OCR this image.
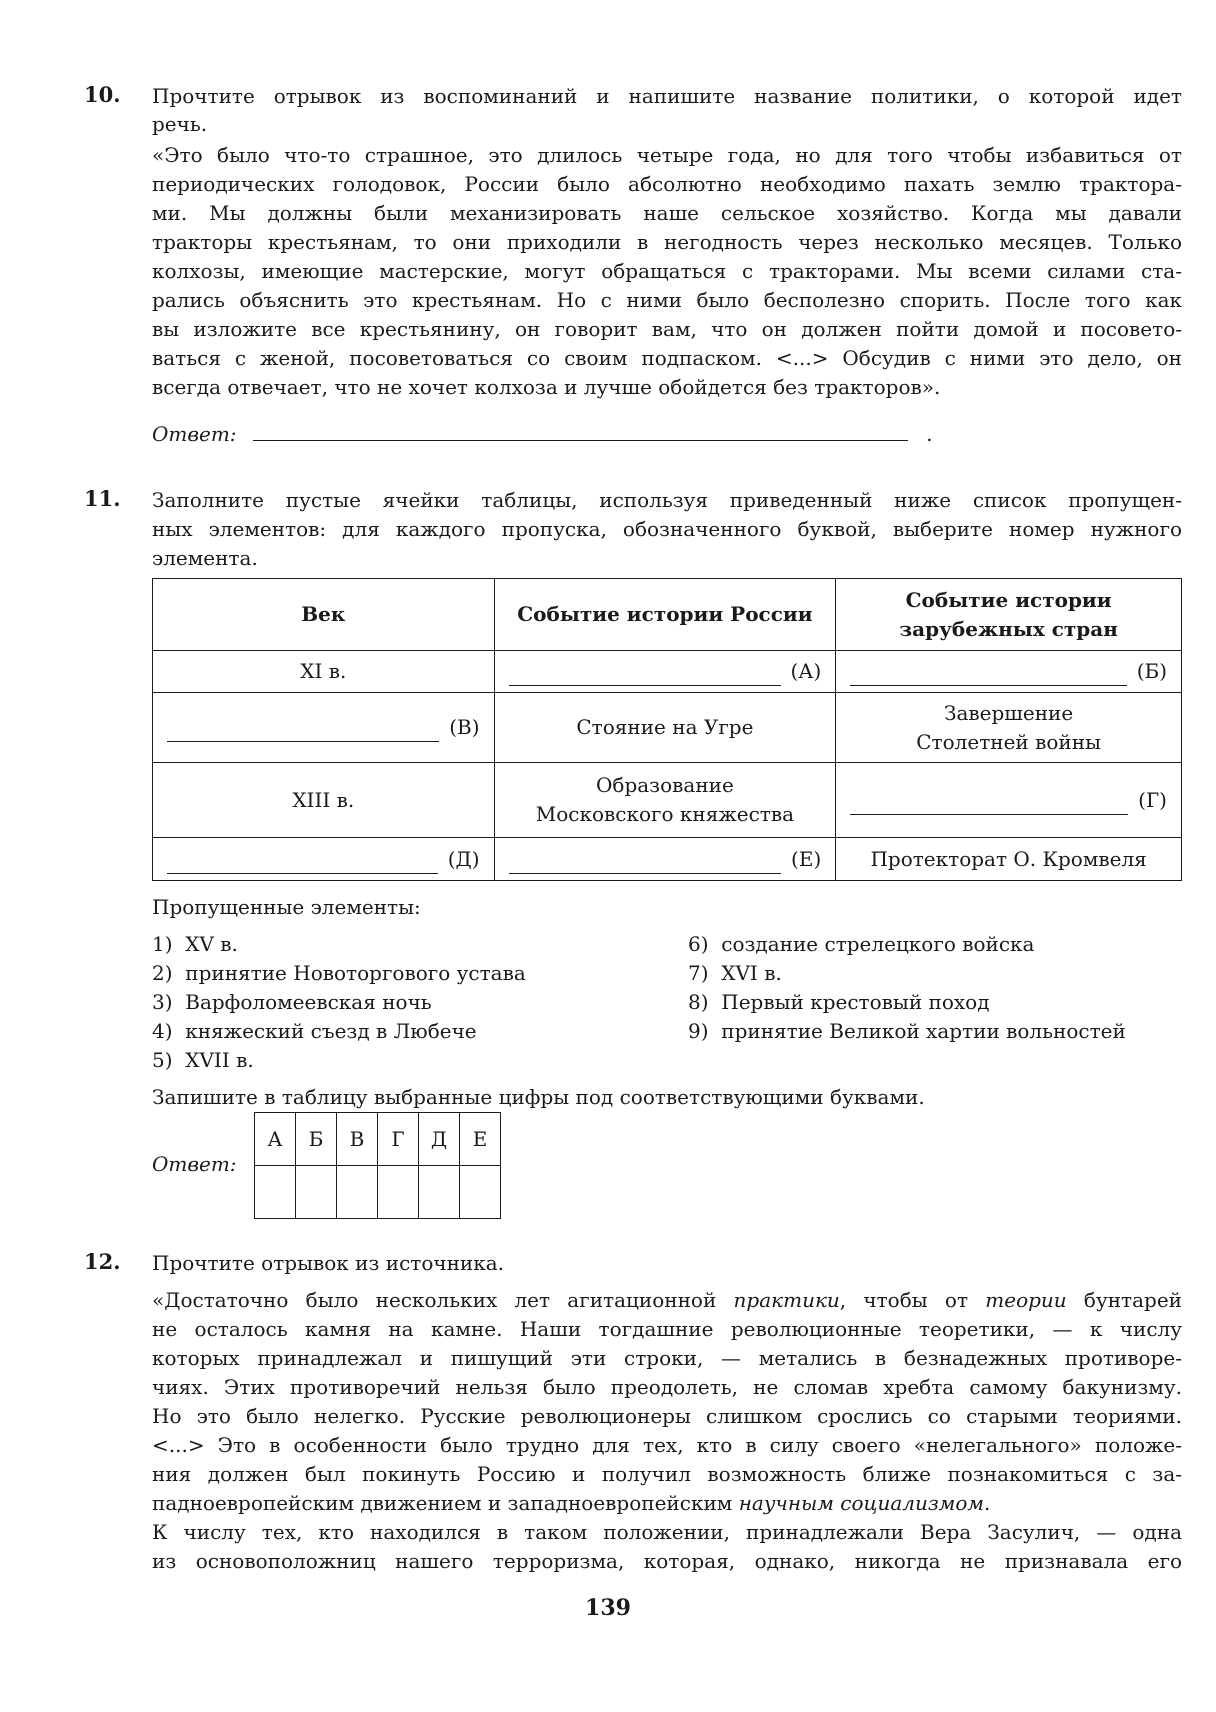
10. Прочтите отрывок из воспоминаний и напишите название политики, о которой идет
речь.
«Это было что-то страшное, это длилось четыре года, но для того чтобы избавиться от
периодических голодовок, России было абсолютно необходимо пахать землю трактора-
ми. Мы должны были механизировать наше сельское хозяйство. Когда мы давали
тракторы крестьянам, то они приходили в негодность через несколько месяцев. Только
колхозы, имеющие мастерские, могут обращаться с тракторами. Мы всеми силами ста-
рались объяснить это крестьянам. Но с ними было бесполезно спорить. После того как
вы изложите все крестьянину, он говорит вам, что он должен пойти домой и посовето-
ваться с женой, посоветоваться со своим подпаском. <...> Обсудив с ними это дело, он
всегда отвечает, что не хочет колхоза и лучше обойдется без тракторов».
Ответ:	.
11. Заполните пустые ячейки таблицы, используя приведенный ниже список пропущен-
ных элементов: для каждого пропуска, обозначенного буквой, выберите номер нужного
элемента.
Век	Событие истории России	Событие истории
зарубежных стран
XI в.	(А)	(Б)

(В)	Стояние на Угре	Завершение
Столетней войны
XIII в.	Образование
Московского княжества	(Г)

(Д)	(Е)	Протекторат О. Кромвеля
Пропущенные элементы:
1) XV в.
2) принятие Новоторгового устава
3) Варфоломеевская ночь
4) княжеский съезд в Любече
5) XVII в.
6) создание стрелецкого войска
7) XVI в.
8) Первый крестовый поход
9) принятие Великой хартии вольностей
Запишите в таблицу выбранные цифры под соответствующими буквами.
Ответ:
А	Б	В	Г	Д	Е

12. Прочтите отрывок из источника.
«Достаточно было нескольких лет агитационной практики, чтобы от теории бунтарей
не осталось камня на камне. Наши тогдашние революционные теоретики, — к числу
которых принадлежал и пишущий эти строки, — метались в безнадежных противоре-
чиях. Этих противоречий нельзя было преодолеть, не сломав хребта самому бакунизму.
Но это было нелегко. Русские революционеры слишком срослись со старыми теориями.
<...> Это в особенности было трудно для тех, кто в силу своего «нелегального» положе-
ния должен был покинуть Россию и получил возможность ближе познакомиться с за-
падноевропейским движением и западноевропейским научным социализмом.
К числу тех, кто находился в таком положении, принадлежали Вера Засулич, — одна
из основоположниц нашего терроризма, которая, однако, никогда не признавала его
139
